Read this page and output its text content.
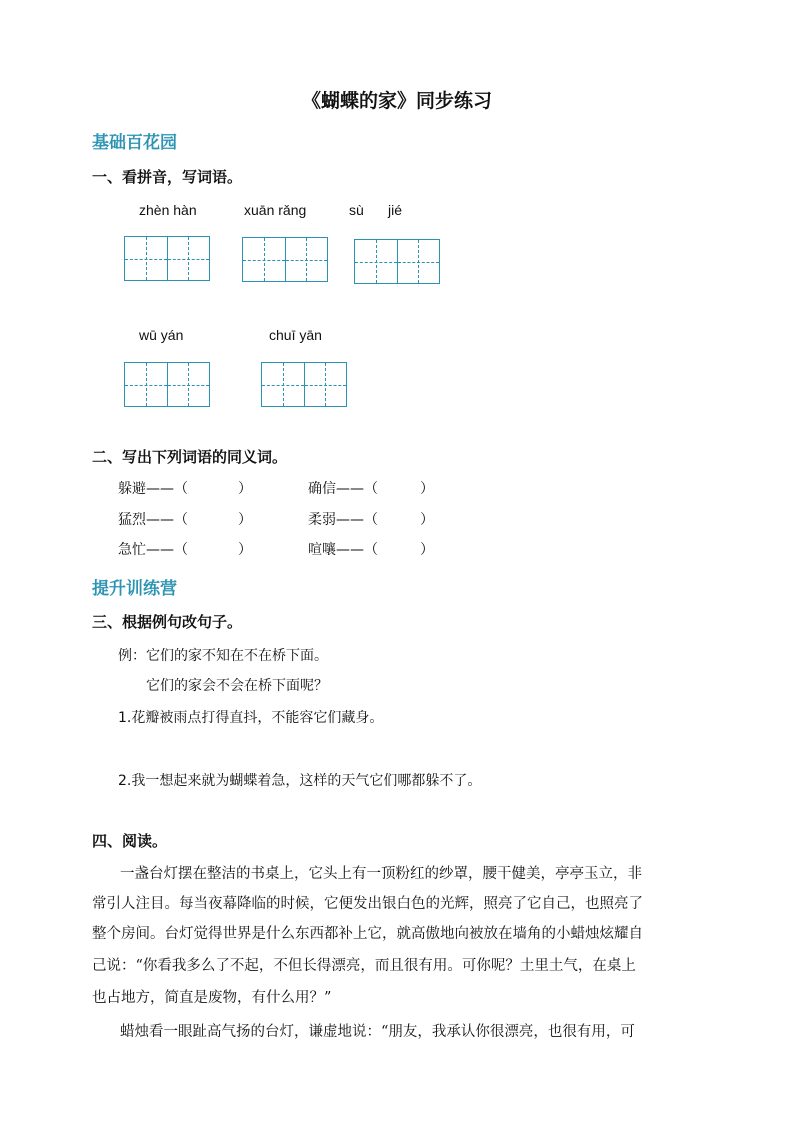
《蝴蝶的家》同步练习
基础百花园
一、看拼音，写词语。
zhèn hàn	xuān rǎng	sù jié
wū yán	chuī yān
二、写出下列词语的同义词。
躲避——（	）	确信——（	）
猛烈——（	）	柔弱——（	）
急忙——（	）	喧嚷——（	）
提升训练营
三、根据例句改句子。
例：它们的家不知在不在桥下面。
它们的家会不会在桥下面呢？
1.花瓣被雨点打得直抖，不能容它们藏身。
2.我一想起来就为蝴蝶着急，这样的天气它们哪都躲不了。
四、阅读。
一盏台灯摆在整洁的书桌上，它头上有一顶粉红的纱罩，腰干健美，亭亭玉立，非
常引人注目。每当夜幕降临的时候，它便发出银白色的光辉，照亮了它自己，也照亮了
整个房间。台灯觉得世界是什么东西都补上它，就高傲地向被放在墙角的小蜡烛炫耀自
己说：“你看我多么了不起，不但长得漂亮，而且很有用。可你呢？土里土气，在桌上
也占地方，简直是废物，有什么用？”
蜡烛看一眼趾高气扬的台灯，谦虚地说：“朋友，我承认你很漂亮，也很有用，可
